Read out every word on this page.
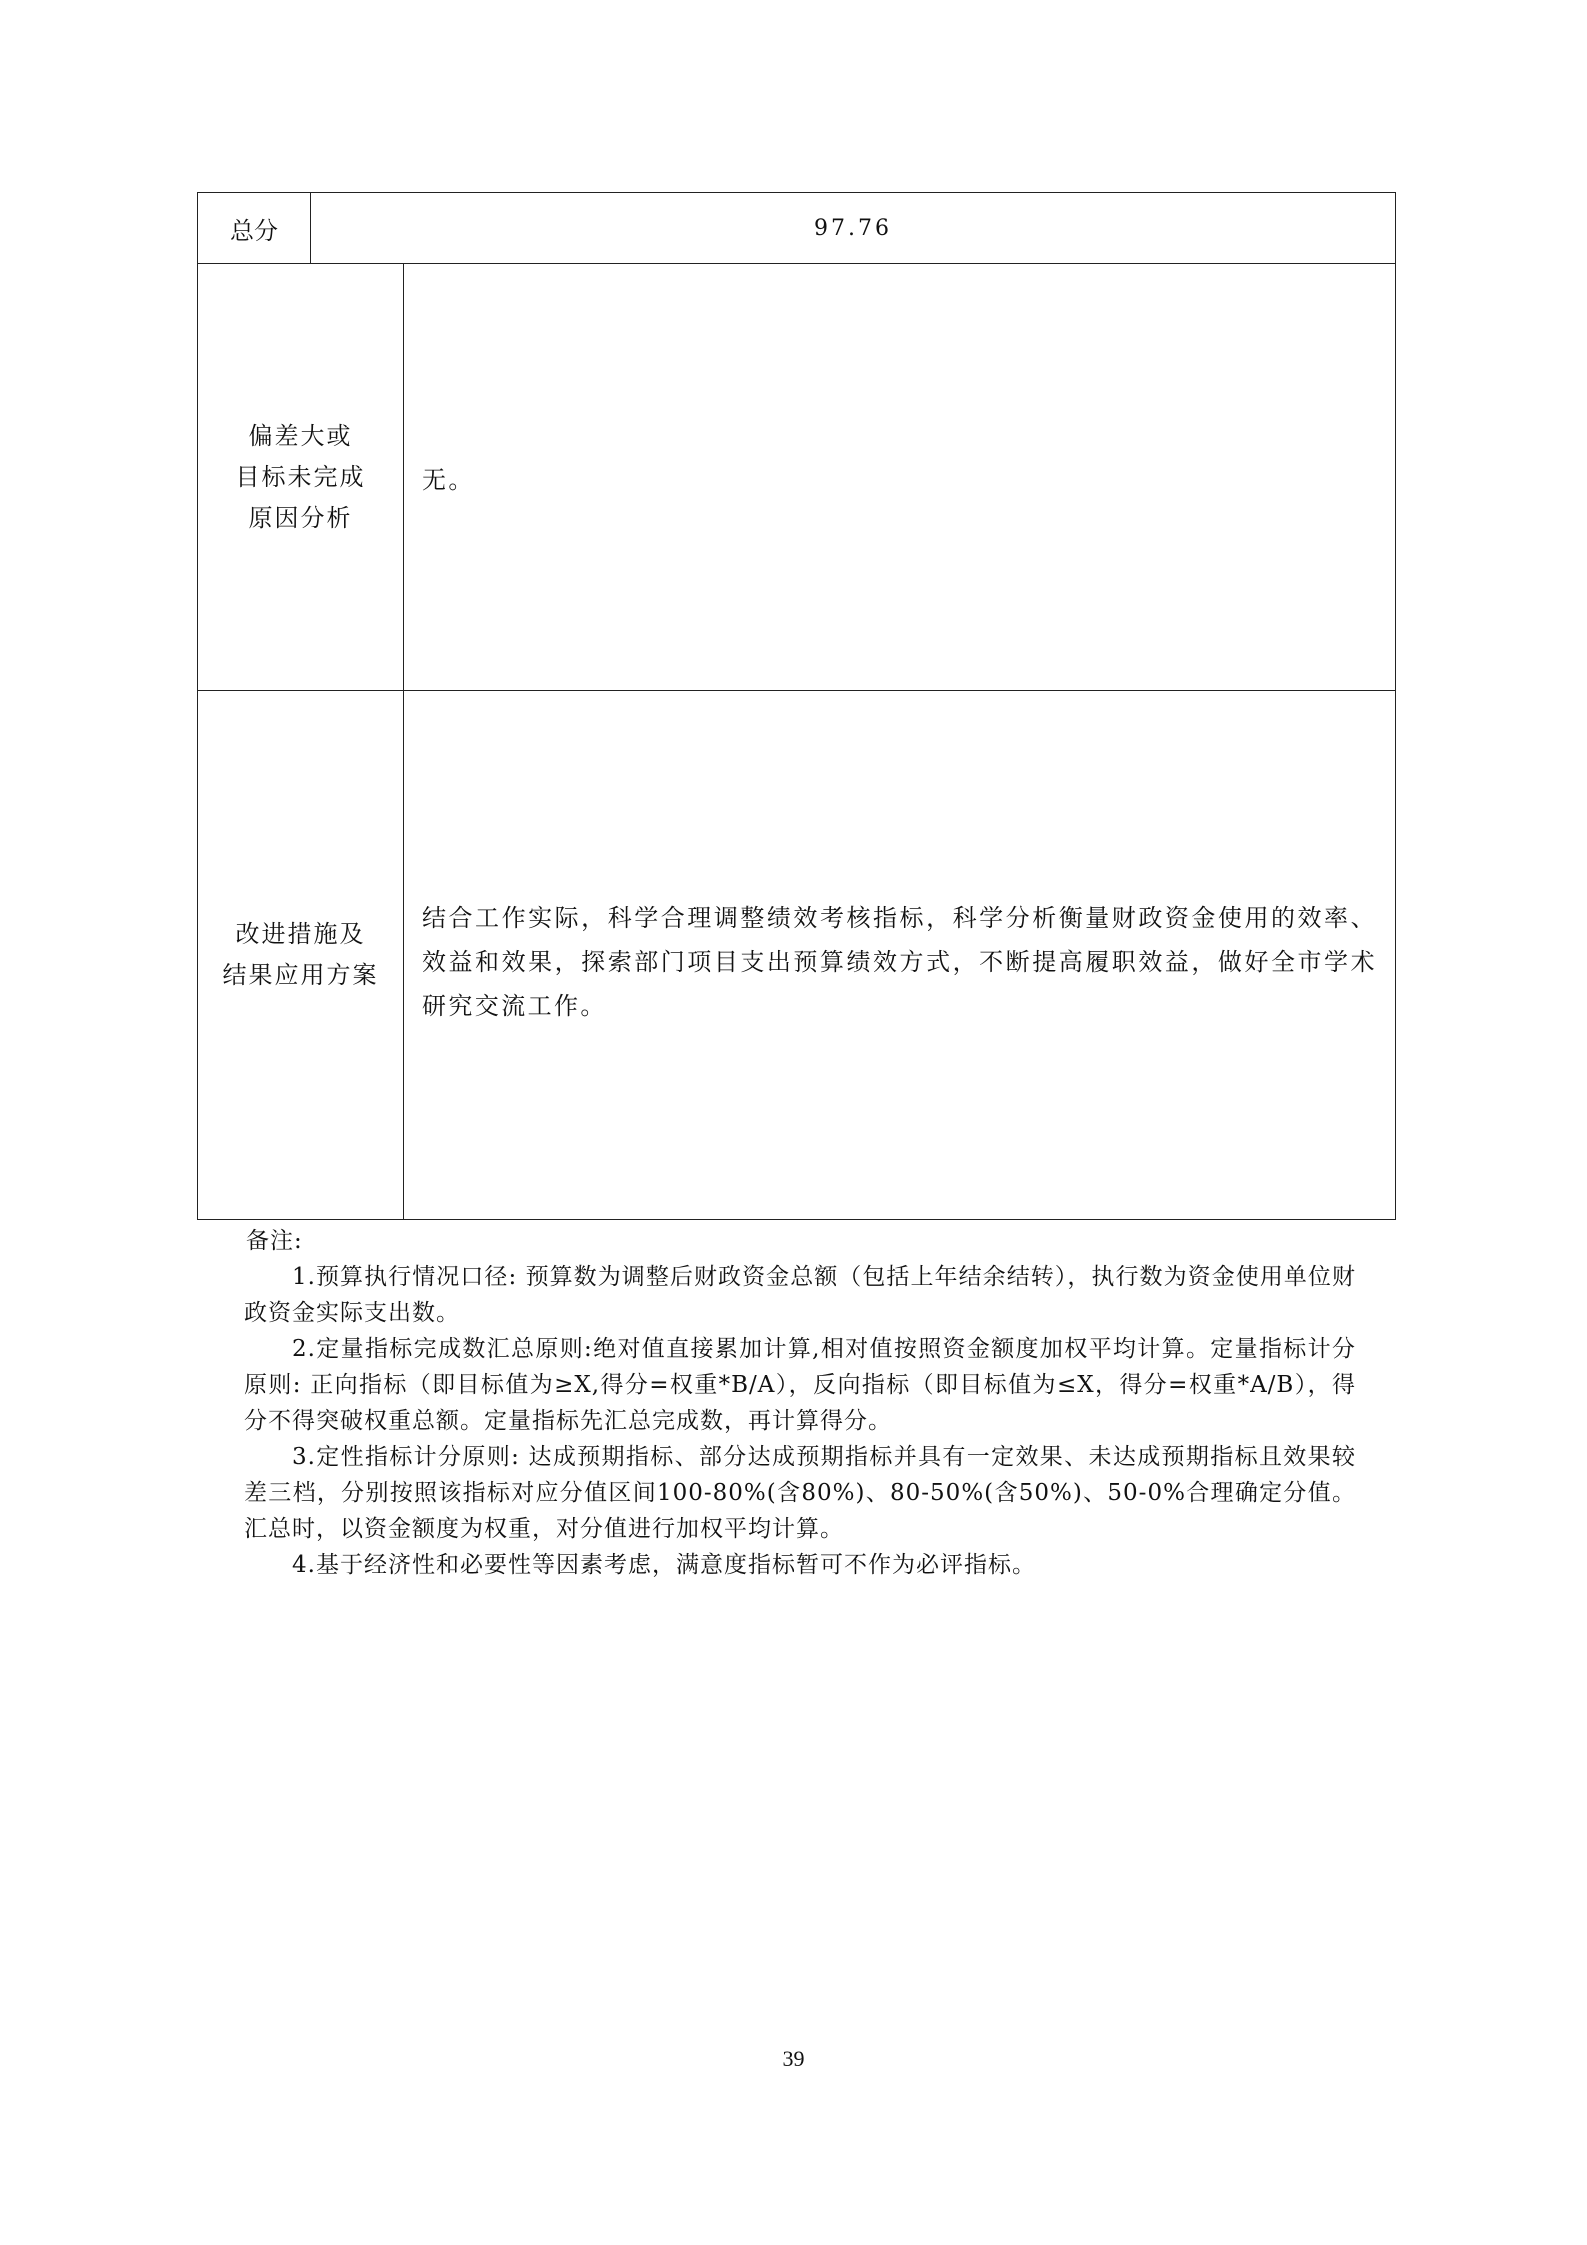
总分	97.76
偏差大或
目标未完成
原因分析
无。
改进措施及
结果应用方案
结合工作实际，科学合理调整绩效考核指标，科学分析衡量财政资金使用的效率、效益和效果，探索部门项目支出预算绩效方式，不断提高履职效益，做好全市学术研究交流工作。

备注:

1.预算执行情况口径: 预算数为调整后财政资金总额（包括上年结余结转），执行数为资金使用单位财政资金实际支出数。

2.定量指标完成数汇总原则:绝对值直接累加计算,相对值按照资金额度加权平均计算。定量指标计分原则: 正向指标（即目标值为≥X,得分=权重*B/A），反向指标（即目标值为≤X，得分=权重*A/B），得分不得突破权重总额。定量指标先汇总完成数，再计算得分。

3.定性指标计分原则: 达成预期指标、部分达成预期指标并具有一定效果、未达成预期指标且效果较差三档，分别按照该指标对应分值区间100-80%(含80%)、80-50%(含50%)、50-0%合理确定分值。汇总时，以资金额度为权重，对分值进行加权平均计算。

4.基于经济性和必要性等因素考虑，满意度指标暂可不作为必评指标。

39
